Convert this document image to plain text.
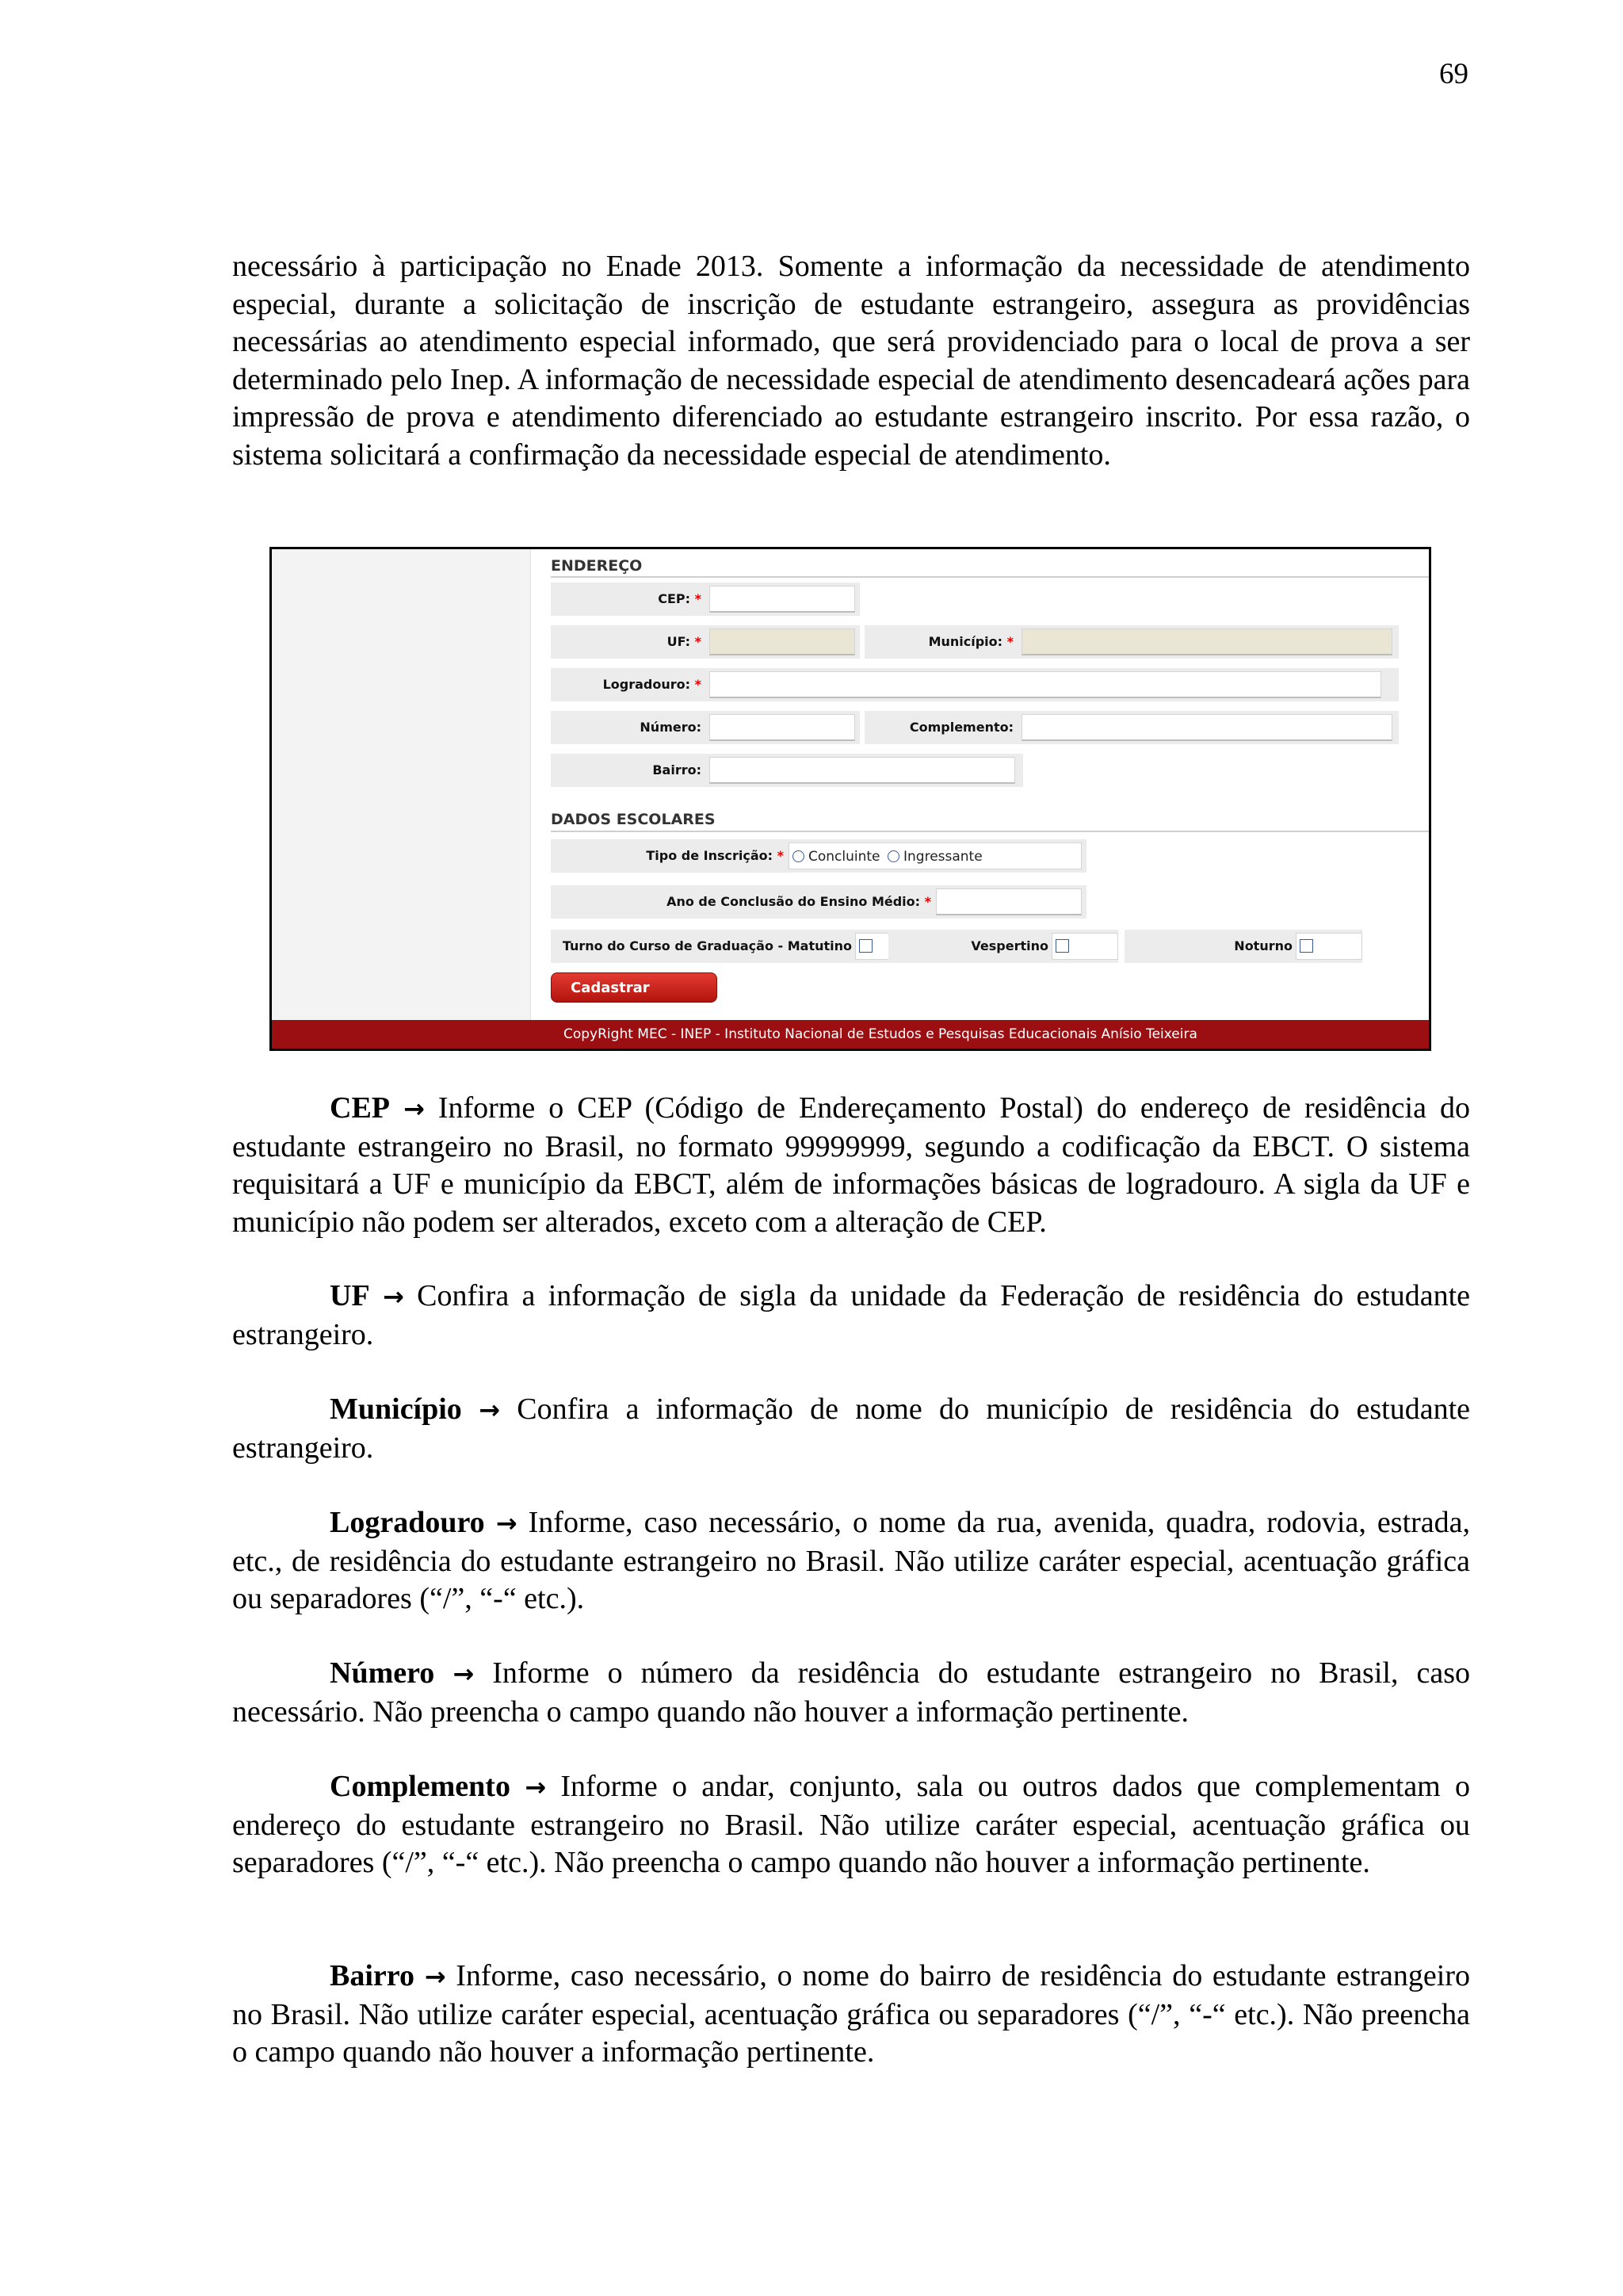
69

necessário à participação no Enade 2013. Somente a informação da necessidade de atendimento especial, durante a solicitação de inscrição de estudante estrangeiro, assegura as providências necessárias ao atendimento especial informado, que será providenciado para o local de prova a ser determinado pelo Inep. A informação de necessidade especial de atendimento desencadeará ações para impressão de prova e atendimento diferenciado ao estudante estrangeiro inscrito. Por essa razão, o sistema solicitará a confirmação da necessidade especial de atendimento.

ENDEREÇO
CEP: *
UF: *	Município: *
Logradouro: *
Número:	Complemento:
Bairro:
DADOS ESCOLARES
Tipo de Inscrição: * Concluinte Ingressante
Ano de Conclusão do Ensino Médio: *
Turno do Curso de Graduação - Matutino	Vespertino	Noturno
Cadastrar
CopyRight MEC - INEP - Instituto Nacional de Estudos e Pesquisas Educacionais Anísio Teixeira

CEP → Informe o CEP (Código de Endereçamento Postal) do endereço de residência do estudante estrangeiro no Brasil, no formato 99999999, segundo a codificação da EBCT. O sistema requisitará a UF e município da EBCT, além de informações básicas de logradouro. A sigla da UF e município não podem ser alterados, exceto com a alteração de CEP.

UF → Confira a informação de sigla da unidade da Federação de residência do estudante estrangeiro.

Município → Confira a informação de nome do município de residência do estudante estrangeiro.

Logradouro → Informe, caso necessário, o nome da rua, avenida, quadra, rodovia, estrada, etc., de residência do estudante estrangeiro no Brasil. Não utilize caráter especial, acentuação gráfica ou separadores (“/”, “-“ etc.).

Número → Informe o número da residência do estudante estrangeiro no Brasil, caso necessário. Não preencha o campo quando não houver a informação pertinente.

Complemento → Informe o andar, conjunto, sala ou outros dados que complementam o endereço do estudante estrangeiro no Brasil. Não utilize caráter especial, acentuação gráfica ou separadores (“/”, “-“ etc.). Não preencha o campo quando não houver a informação pertinente.

Bairro → Informe, caso necessário, o nome do bairro de residência do estudante estrangeiro no Brasil. Não utilize caráter especial, acentuação gráfica ou separadores (“/”, “-“ etc.). Não preencha o campo quando não houver a informação pertinente.
